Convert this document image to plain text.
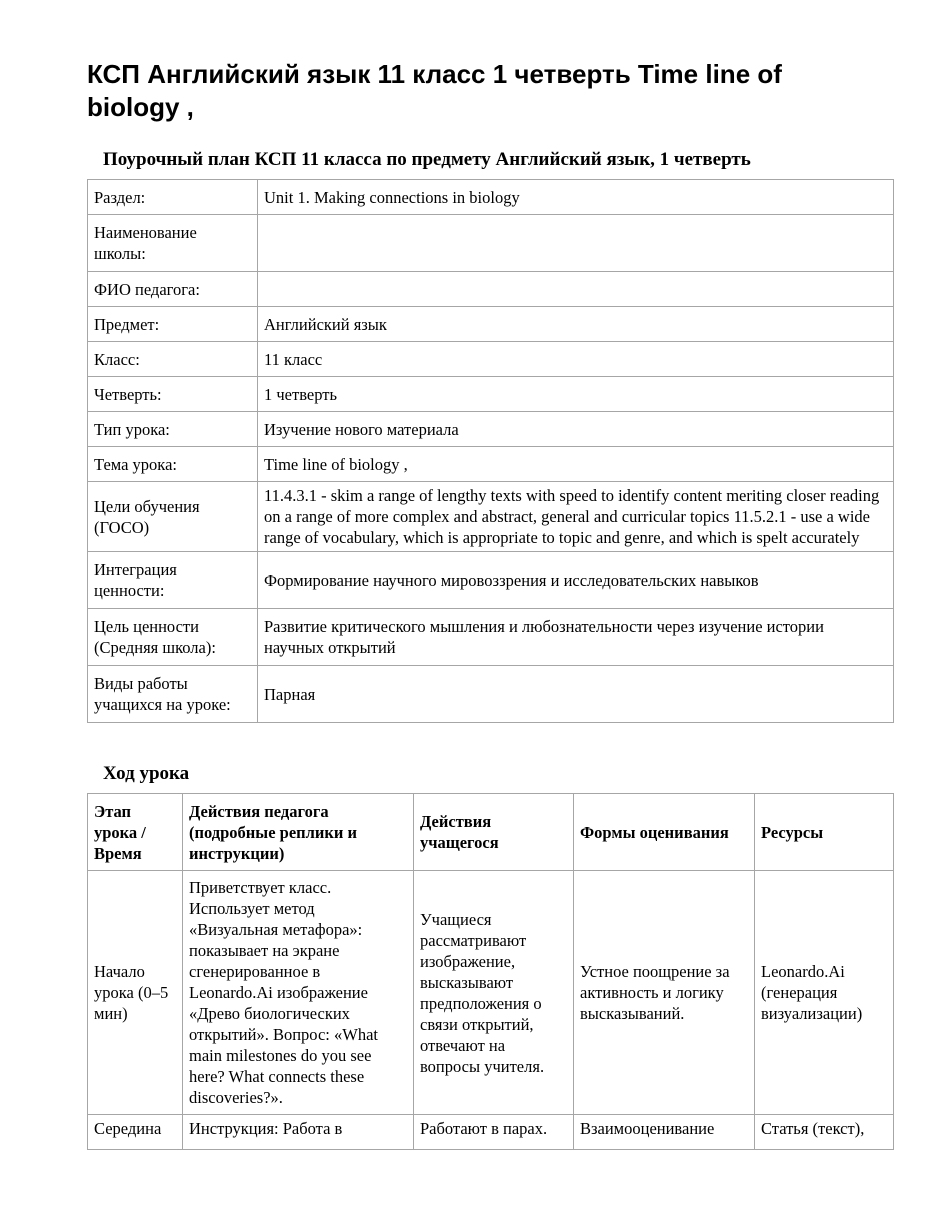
КСП Английский язык 11 класс 1 четверть Time line of biology ,
Поурочный план КСП 11 класса по предмету Английский язык, 1 четверть
Раздел:	Unit 1. Making connections in biology
Наименование школы:	
ФИО педагога:	
Предмет:	Английский язык
Класс:	11 класс
Четверть:	1 четверть
Тип урока:	Изучение нового материала
Тема урока:	Time line of biology ,
Цели обучения (ГОСО)	11.4.3.1 - skim a range of lengthy texts with speed to identify content meriting closer reading on a range of more complex and abstract, general and curricular topics 11.5.2.1 - use a wide range of vocabulary, which is appropriate to topic and genre, and which is spelt accurately
Интеграция ценности:	Формирование научного мировоззрения и исследовательских навыков
Цель ценности (Средняя школа):	Развитие критического мышления и любознательности через изучение истории научных открытий
Виды работы учащихся на уроке:	Парная
Ход урока
Этап урока / Время	Действия педагога (подробные реплики и инструкции)	Действия учащегося	Формы оценивания	Ресурсы
Начало урока (0–5 мин)	Приветствует класс. Использует метод «Визуальная метафора»: показывает на экране сгенерированное в Leonardo.Ai изображение «Древо биологических открытий». Вопрос: «What main milestones do you see here? What connects these discoveries?».	Учащиеся рассматривают изображение, высказывают предположения о связи открытий, отвечают на вопросы учителя.	Устное поощрение за активность и логику высказываний.	Leonardo.Ai (генерация визуализации)
Середина	Инструкция: Работа в	Работают в парах.	Взаимооценивание	Статья (текст),
